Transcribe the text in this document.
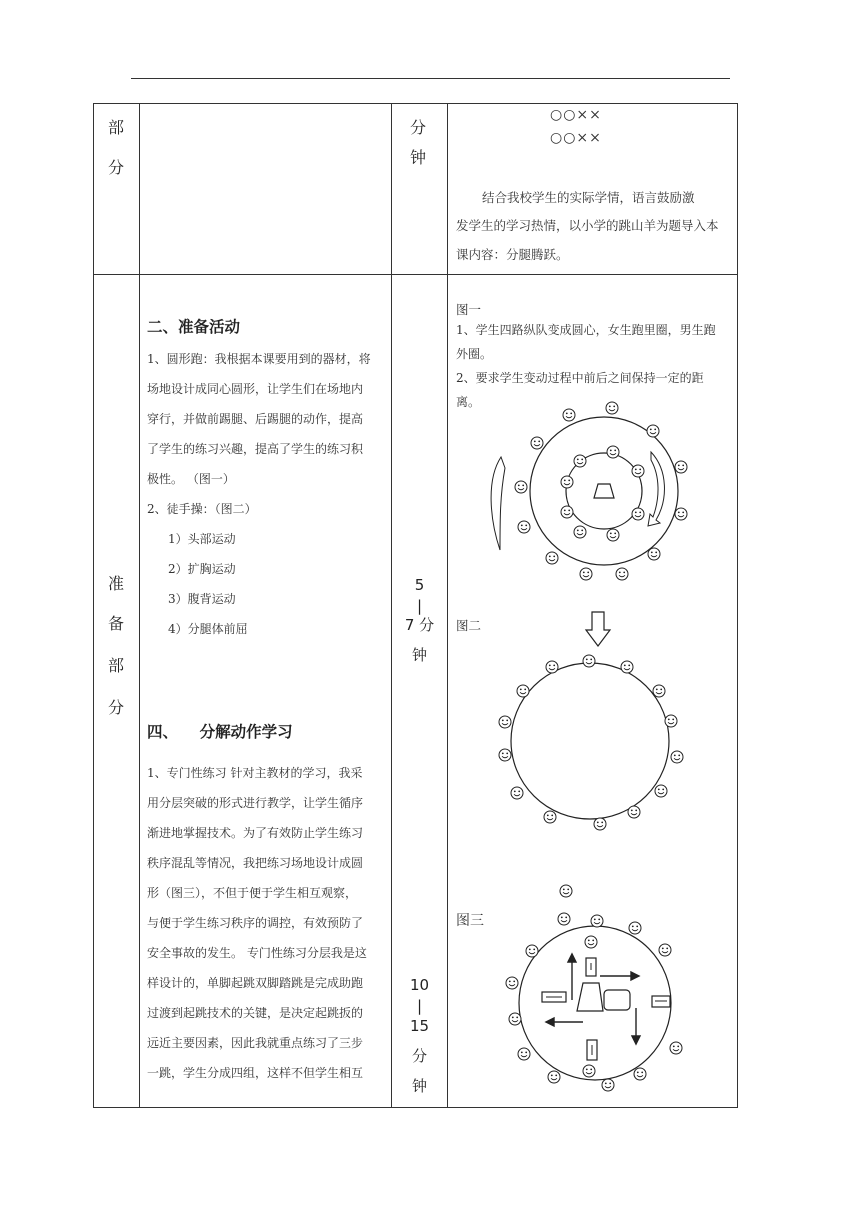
部
分
分
钟
○○××
○○××
结合我校学生的实际学情，语言鼓励激
发学生的学习热情，以小学的跳山羊为题导入本
课内容：分腿腾跃。
准
备
部
分
二、准备活动
1、圆形跑：我根据本课要用到的器材，将
场地设计成同心圆形，让学生们在场地内
穿行，并做前踢腿、后踢腿的动作，提高
了学生的练习兴趣，提高了学生的练习积
极性。 （图一）
2、徒手操：（图二）
1）头部运动
2）扩胸运动
3）腹背运动
4）分腿体前屈
四、    分解动作学习
1、专门性练习 针对主教材的学习，我采
用分层突破的形式进行教学，让学生循序
渐进地掌握技术。为了有效防止学生练习
秩序混乱等情况，我把练习场地设计成圆
形（图三），不但于便于学生相互观察，
与便于学生练习秩序的调控，有效预防了
安全事故的发生。 专门性练习分层我是这
样设计的，单脚起跳双脚踏跳是完成助跑
过渡到起跳技术的关键，是决定起跳扳的
远近主要因素，因此我就重点练习了三步
一跳，学生分成四组，这样不但学生相互
5
|
7 分
钟
10
|
15
分
钟
图一
1、学生四路纵队变成圆心，女生跑里圈，男生跑
外圈。
2、要求学生变动过程中前后之间保持一定的距
离。
图二
图三
